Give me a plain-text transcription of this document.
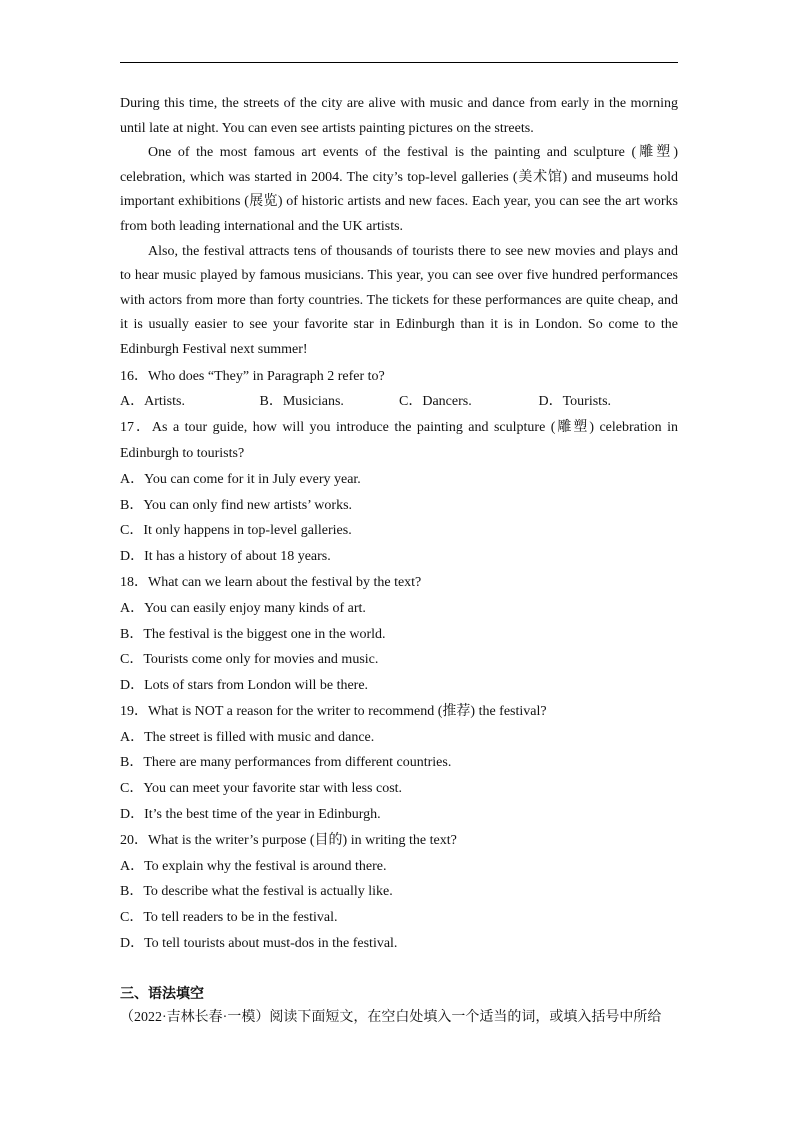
During this time, the streets of the city are alive with music and dance from early in the morning until late at night. You can even see artists painting pictures on the streets.

One of the most famous art events of the festival is the painting and sculpture (雕塑) celebration, which was started in 2004. The city’s top-level galleries (美术馆) and museums hold important exhibitions (展览) of historic artists and new faces. Each year, you can see the art works from both leading international and the UK artists.

Also, the festival attracts tens of thousands of tourists there to see new movies and plays and to hear music played by famous musicians. This year, you can see over five hundred performances with actors from more than forty countries. The tickets for these performances are quite cheap, and it is usually easier to see your favorite star in Edinburgh than it is in London. So come to the Edinburgh Festival next summer!

16．Who does “They” in Paragraph 2 refer to?
A．Artists.	B．Musicians.	C．Dancers.	D．Tourists.
17．As a tour guide, how will you introduce the painting and sculpture (雕塑) celebration in Edinburgh to tourists?
A．You can come for it in July every year.
B．You can only find new artists’ works.
C．It only happens in top-level galleries.
D．It has a history of about 18 years.
18．What can we learn about the festival by the text?
A．You can easily enjoy many kinds of art.
B．The festival is the biggest one in the world.
C．Tourists come only for movies and music.
D．Lots of stars from London will be there.
19．What is NOT a reason for the writer to recommend (推荐) the festival?
A．The street is filled with music and dance.
B．There are many performances from different countries.
C．You can meet your favorite star with less cost.
D．It’s the best time of the year in Edinburgh.
20．What is the writer’s purpose (目的) in writing the text?
A．To explain why the festival is around there.
B．To describe what the festival is actually like.
C．To tell readers to be in the festival.
D．To tell tourists about must-dos in the festival.
三、语法填空
（2022·吉林长春·一模）阅读下面短文，在空白处填入一个适当的词，或填入括号中所给
